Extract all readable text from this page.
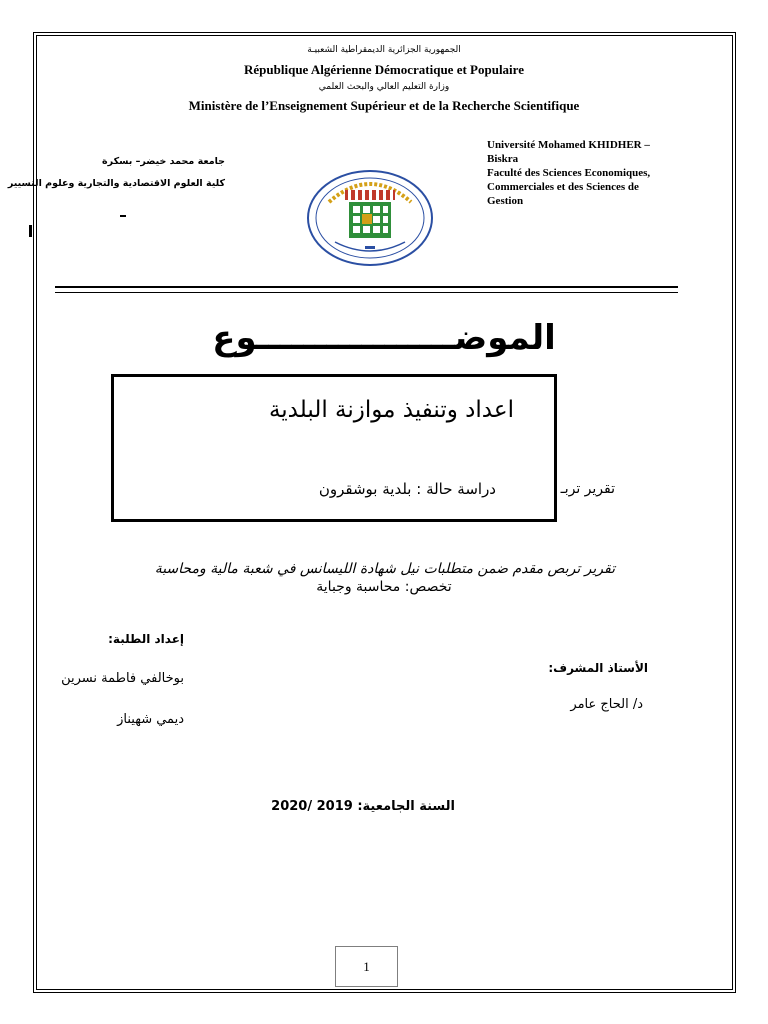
الجمهورية الجزائرية الديمقراطية الشعبيـة
République Algérienne Démocratique et Populaire
وزارة التعليم العالي والبحث العلمي
Ministère de l’Enseignement Supérieur et de la Recherche Scientifique
جامعة محمد خيضر– بسكرة
كلية العلوم الاقتصادية والتجارية وعلوم التسيير
Université Mohamed KHIDHER –
Biskra
Faculté des Sciences Economiques,
Commerciales et des Sciences de
Gestion
الموضـــــــــــــــــوع
تقرير تربـ
اعداد وتنفيذ موازنة البلدية
دراسة حالة : بلدية بوشقرون
تقرير تربص مقدم ضمن متطلبات نيل شهادة الليسانس في شعبة مالية ومحاسبة
تخصص: محاسبة وجباية
إعداد الطلبة:
بوخالفي فاطمة نسرين
ديمي شهيناز
الأستاذ المشرف:
د/ الحاج عامر
السنة الجامعية: 2019 /2020
1
